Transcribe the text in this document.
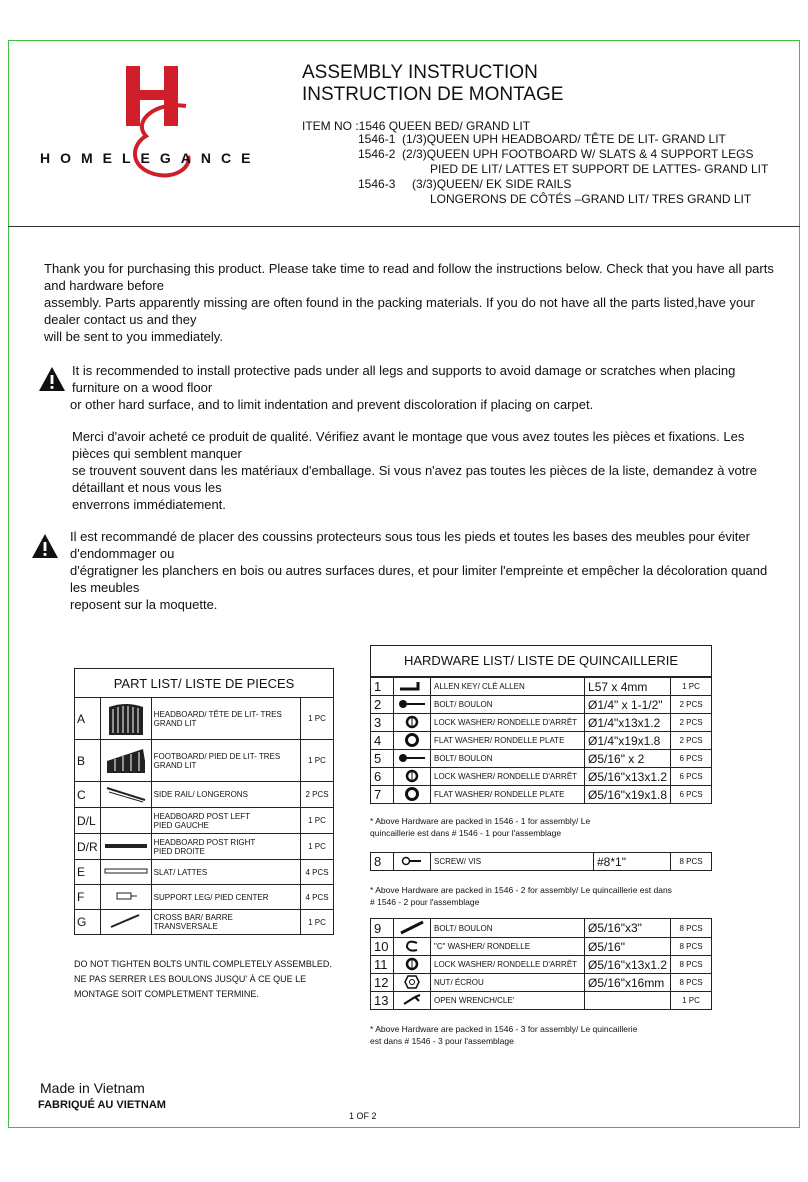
HOMELEGANCE
ASSEMBLY INSTRUCTION
INSTRUCTION DE MONTAGE
ITEM NO :1546 QUEEN BED/ GRAND LIT
1546-1  (1/3)QUEEN UPH HEADBOARD/ TÊTE DE LIT- GRAND LIT
1546-2  (2/3)QUEEN UPH FOOTBOARD W/ SLATS & 4 SUPPORT LEGS
PIED DE LIT/ LATTES ET SUPPORT DE LATTES- GRAND LIT
1546-3     (3/3)QUEEN/ EK SIDE RAILS
LONGERONS DE CÔTÉS –GRAND LIT/ TRES GRAND LIT
Thank you for purchasing this product. Please take time to read and follow the instructions below. Check that you have all parts and hardware before
assembly. Parts apparently missing are often found in the packing materials. If you do not have all the parts listed,have your dealer contact us and they
will be sent to you immediately.
It is recommended to install protective pads under all legs and supports to avoid damage or scratches when placing furniture on a wood floor
or other hard surface, and to limit indentation and prevent discoloration if placing on carpet.
Merci d'avoir acheté ce produit de qualité. Vérifiez avant le montage que vous avez toutes les pièces et fixations. Les pièces qui semblent manquer
se trouvent souvent dans les matériaux d'emballage. Si vous n'avez pas toutes les pièces de la liste, demandez à votre détaillant et nous vous les
enverrons immédiatement.
Il est recommandé de placer des coussins protecteurs sous tous les pieds et toutes les bases des meubles pour éviter d'endommager ou
d'égratigner les planchers en bois ou autres surfaces dures, et pour limiter l'empreinte et empêcher la décoloration quand les meubles
reposent sur la moquette.
PART LIST/ LISTE DE PIECES			
A		HEADBOARD/ TÊTE DE LIT- TRES GRAND LIT	1 PC
B		FOOTBOARD/ PIED DE LIT- TRES GRAND LIT	1 PC
C		SIDE RAIL/ LONGERONS	2 PCS
D/L		HEADBOARD POST LEFT
PIED GAUCHE	1 PC
D/R		HEADBOARD POST RIGHT
PIED DROITE	1 PC
E		SLAT/ LATTES	4 PCS
F		SUPPORT LEG/ PIED CENTER	4 PCS
G		CROSS BAR/ BARRE TRANSVERSALE	1 PC
DO NOT TIGHTEN BOLTS UNTIL COMPLETELY ASSEMBLED.
NE PAS SERRER LES BOULONS JUSQU' À CE QUE LE
MONTAGE SOIT COMPLETMENT TERMINE.
HARDWARE LIST/ LISTE DE QUINCAILLERIE
1		ALLEN KEY/ CLÉ ALLEN	L57 x 4mm	1 PC
2		BOLT/ BOULON	Ø1/4" x 1-1/2"	2 PCS
3		LOCK WASHER/ RONDELLE D'ARRÊT	Ø1/4"x13x1.2	2 PCS
4		FLAT WASHER/ RONDELLE PLATE	Ø1/4"x19x1.8	2 PCS
5		BOLT/ BOULON	Ø5/16" x 2	6 PCS
6		LOCK WASHER/ RONDELLE D'ARRÊT	Ø5/16"x13x1.2	6 PCS
7		FLAT WASHER/ RONDELLE PLATE	Ø5/16"x19x1.8	6 PCS
* Above Hardware are packed in 1546 - 1 for assembly/ Le
quincaillerie est dans # 1546 - 1 pour l'assemblage
8		SCREW/ VIS	#8*1"	8 PCS
* Above Hardware are packed in 1546 - 2 for assembly/ Le quincaillerie est dans
# 1546 - 2 pour l'assemblage
9		BOLT/ BOULON	Ø5/16"x3"	8 PCS
10		"C" WASHER/ RONDELLE	Ø5/16"	8 PCS
11		LOCK WASHER/ RONDELLE D'ARRÊT	Ø5/16"x13x1.2	8 PCS
12		NUT/ ÉCROU	Ø5/16"x16mm	8 PCS
13		OPEN WRENCH/CLE'		1 PC
* Above Hardware are packed in 1546 - 3 for assembly/ Le quincaillerie
est dans # 1546 - 3 pour l'assemblage
Made in Vietnam
FABRIQUÉ AU VIETNAM
1 OF 2
